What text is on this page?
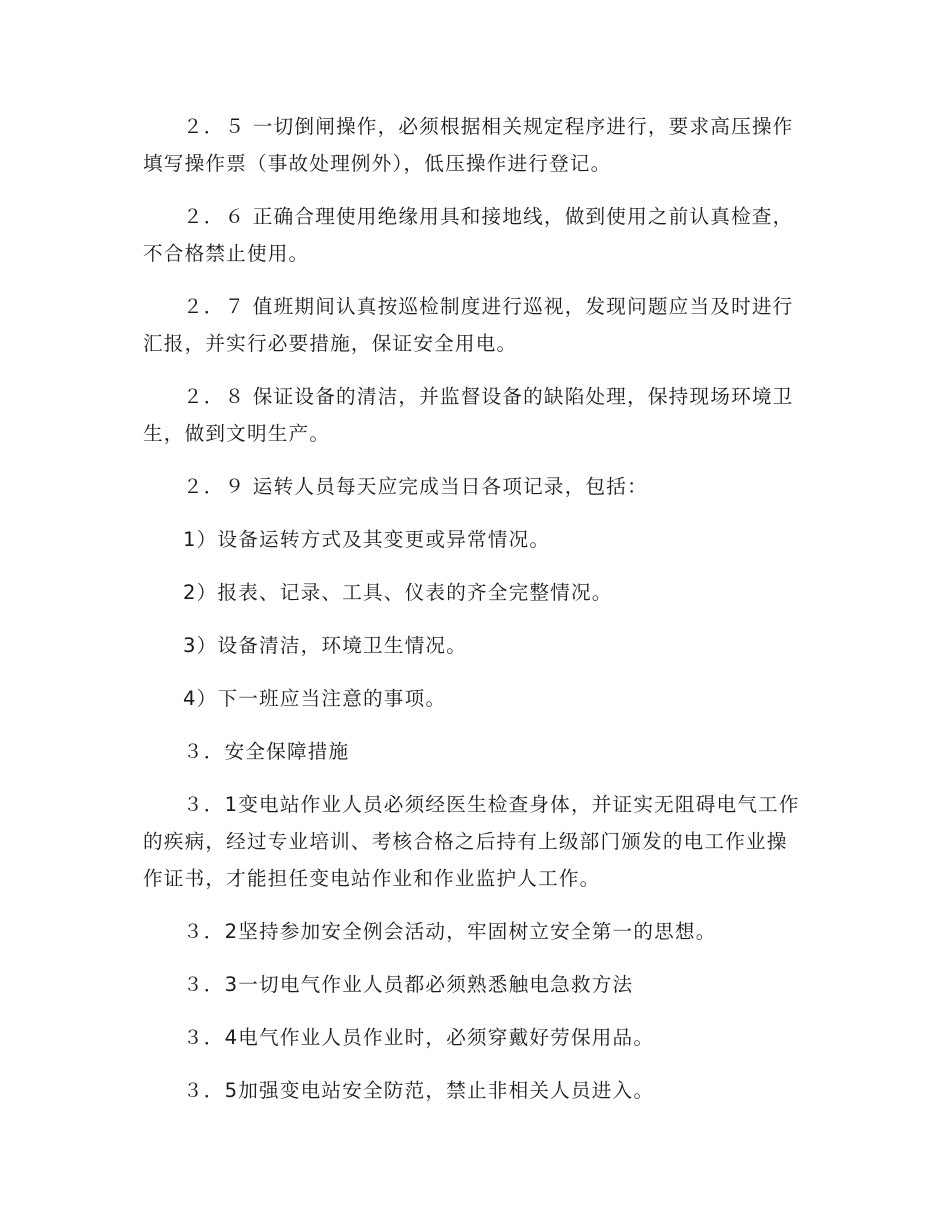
２．５ 一切倒闸操作，必须根据相关规定程序进行，要求高压操作填写操作票（事故处理例外），低压操作进行登记。

２．６ 正确合理使用绝缘用具和接地线，做到使用之前认真检查，不合格禁止使用。

２．７ 值班期间认真按巡检制度进行巡视，发现问题应当及时进行汇报，并实行必要措施，保证安全用电。

２．８ 保证设备的清洁，并监督设备的缺陷处理，保持现场环境卫生，做到文明生产。

２．９ 运转人员每天应完成当日各项记录，包括：

1）设备运转方式及其变更或异常情况。

2）报表、记录、工具、仪表的齐全完整情况。

3）设备清洁，环境卫生情况。

4）下一班应当注意的事项。

３．安全保障措施

３．1变电站作业人员必须经医生检查身体，并证实无阻碍电气工作的疾病，经过专业培训、考核合格之后持有上级部门颁发的电工作业操作证书，才能担任变电站作业和作业监护人工作。

３．2坚持参加安全例会活动，牢固树立安全第一的思想。

３．3一切电气作业人员都必须熟悉触电急救方法

３．4电气作业人员作业时，必须穿戴好劳保用品。

３．5加强变电站安全防范，禁止非相关人员进入。
